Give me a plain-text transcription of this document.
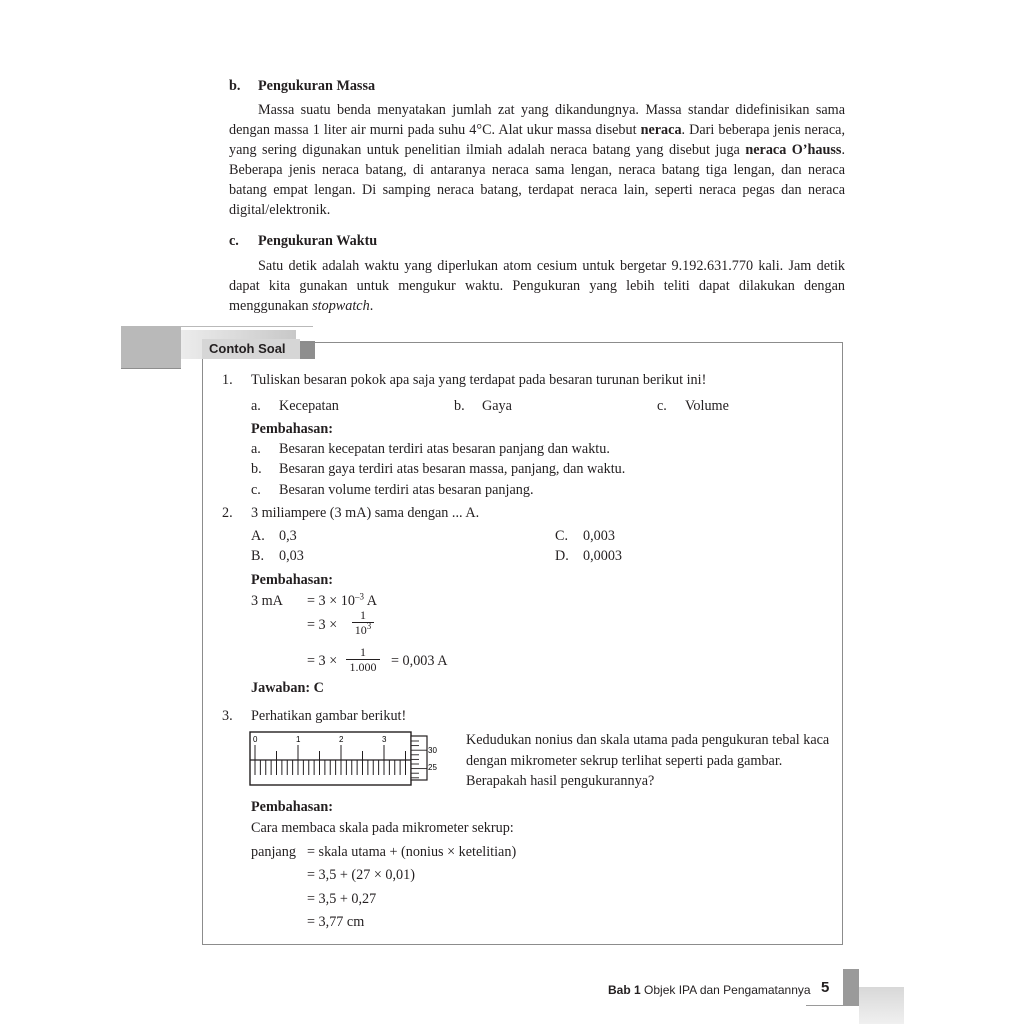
b. Pengukuran Massa

Massa suatu benda menyatakan jumlah zat yang dikandungnya. Massa standar didefinisikan sama dengan massa 1 liter air murni pada suhu 4°C. Alat ukur massa disebut neraca. Dari beberapa jenis neraca, yang sering digunakan untuk penelitian ilmiah adalah neraca batang yang disebut juga neraca O’hauss. Beberapa jenis neraca batang, di antaranya neraca sama lengan, neraca batang tiga lengan, dan neraca batang empat lengan. Di samping neraca batang, terdapat neraca lain, seperti neraca pegas dan neraca digital/elektronik.

c. Pengukuran Waktu

Satu detik adalah waktu yang diperlukan atom cesium untuk bergetar 9.192.631.770 kali. Jam detik dapat kita gunakan untuk mengukur waktu. Pengukuran yang lebih teliti dapat dilakukan dengan menggunakan stopwatch.

Contoh Soal
1. Tuliskan besaran pokok apa saja yang terdapat pada besaran turunan berikut ini!
a. Kecepatan	b. Gaya	c. Volume
Pembahasan:
a. Besaran kecepatan terdiri atas besaran panjang dan waktu.
b. Besaran gaya terdiri atas besaran massa, panjang, dan waktu.
c. Besaran volume terdiri atas besaran panjang.
2. 3 miliampere (3 mA) sama dengan ... A.
A. 0,3
B. 0,03
C. 0,003
D. 0,0003
Pembahasan:
3 mA = $3 \times 10^{-3}$ A
= $3 \times \frac{1}{10^3}$
= $3 \times \frac{1}{1.000} = 0,003$ A
Jawaban: C
3. Perhatikan gambar berikut!
0	1	2	3
30
25
Kedudukan nonius dan skala utama pada pengukuran tebal kaca dengan mikrometer sekrup terlihat seperti pada gambar. Berapakah hasil pengukurannya?
Pembahasan:
Cara membaca skala pada mikrometer sekrup:
panjang = skala utama + (nonius × ketelitian)
= 3,5 + (27 × 0,01)
= 3,5 + 0,27
= 3,77 cm
Bab 1 Objek IPA dan Pengamatannya 5
